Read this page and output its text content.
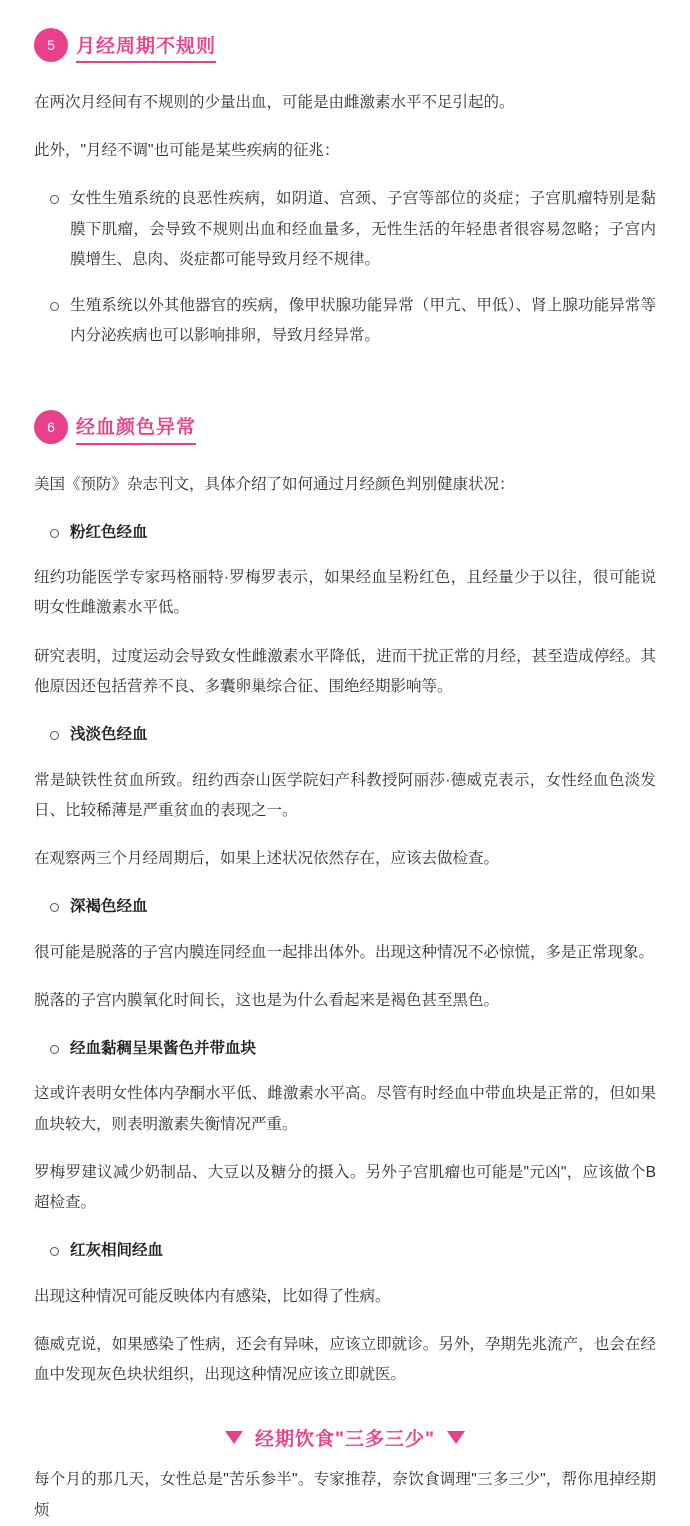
5	月经周期不规则

在两次月经间有不规则的少量出血，可能是由雌激素水平不足引起的。

此外，"月经不调"也可能是某些疾病的征兆：

女性生殖系统的良恶性疾病，如阴道、宫颈、子宫等部位的炎症；子宫肌瘤特别是黏膜下肌瘤，会导致不规则出血和经血量多，无性生活的年轻患者很容易忽略；子宫内膜增生、息肉、炎症都可能导致月经不规律。
生殖系统以外其他器官的疾病，像甲状腺功能异常（甲亢、甲低）、肾上腺功能异常等内分泌疾病也可以影响排卵，导致月经异常。
6	经血颜色异常

美国《预防》杂志刊文，具体介绍了如何通过月经颜色判别健康状况：

粉红色经血

纽约功能医学专家玛格丽特·罗梅罗表示，如果经血呈粉红色，且经量少于以往，很可能说明女性雌激素水平低。

研究表明，过度运动会导致女性雌激素水平降低，进而干扰正常的月经，甚至造成停经。其他原因还包括营养不良、多囊卵巢综合征、围绝经期影响等。

浅淡色经血

常是缺铁性贫血所致。纽约西奈山医学院妇产科教授阿丽莎·德威克表示，女性经血色淡发日、比较稀薄是严重贫血的表现之一。

在观察两三个月经周期后，如果上述状况依然存在，应该去做检查。

深褐色经血

很可能是脱落的子宫内膜连同经血一起排出体外。出现这种情况不必惊慌，多是正常现象。

脱落的子宫内膜氧化时间长，这也是为什么看起来是褐色甚至黑色。

经血黏稠呈果酱色并带血块

这或许表明女性体内孕酮水平低、雌激素水平高。尽管有时经血中带血块是正常的，但如果血块较大，则表明激素失衡情况严重。

罗梅罗建议减少奶制品、大豆以及糖分的摄入。另外子宫肌瘤也可能是"元凶"，应该做个B超检查。

红灰相间经血

出现这种情况可能反映体内有感染，比如得了性病。

德威克说，如果感染了性病，还会有异味，应该立即就诊。另外，孕期先兆流产，也会在经血中发现灰色块状组织，出现这种情况应该立即就医。

经期饮食"三多三少"

每个月的那几天，女性总是"苦乐参半"。专家推荐，奈饮食调理"三多三少"，帮你甩掉经期烦
